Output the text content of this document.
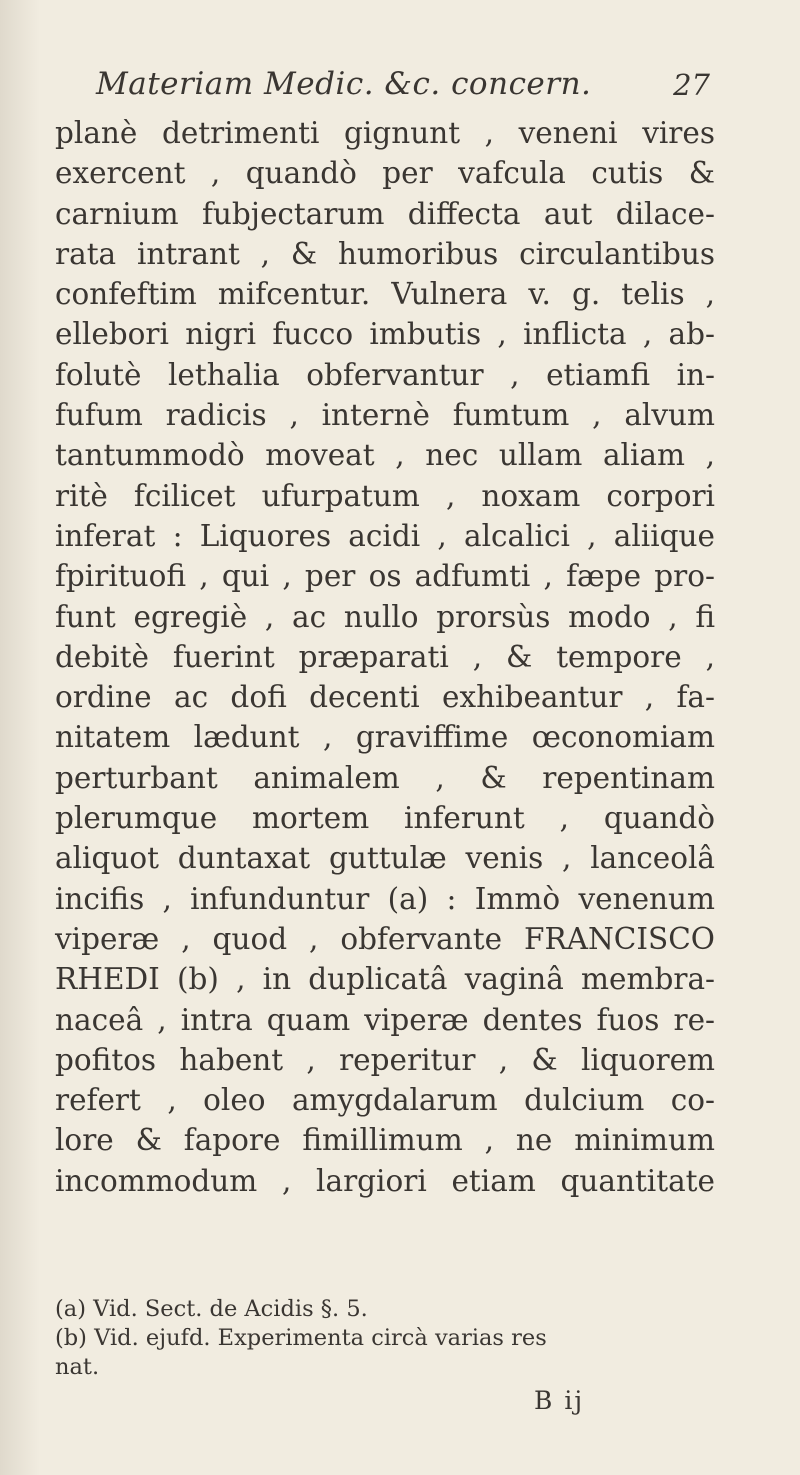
Materiam Medic. &c. concern.	27
planè detrimenti gignunt , veneni vires
exercent , quandò per vafcula cutis &
carnium fubjectarum diffecta aut dilace-
rata intrant , & humoribus circulantibus
confeftim mifcentur. Vulnera v. g. telis ,
ellebori nigri fucco imbutis , inflicta , ab-
folutè lethalia obfervantur , etiamfi in-
fufum radicis , internè fumtum , alvum
tantummodò moveat , nec ullam aliam ,
ritè fcilicet ufurpatum , noxam corpori
inferat : Liquores acidi , alcalici , aliique
fpirituofi , qui , per os adfumti , fæpe pro-
funt egregiè , ac nullo prorsùs modo , fi
debitè fuerint præparati , & tempore ,
ordine ac dofi decenti exhibeantur , fa-
nitatem lædunt , graviffime œconomiam
perturbant animalem , & repentinam
plerumque mortem inferunt , quandò
aliquot duntaxat guttulæ venis , lanceolâ
incifis , infunduntur (a) : Immò venenum
viperæ , quod , obfervante FRANCISCO
RHEDI (b) , in duplicatâ vaginâ membra-
naceâ , intra quam viperæ dentes fuos re-
pofitos habent , reperitur , & liquorem
refert , oleo amygdalarum dulcium co-
lore & fapore fimillimum , ne minimum
incommodum , largiori etiam quantitate
(a) Vid. Sect. de Acidis §. 5.
(b) Vid. ejufd. Experimenta circà varias res
nat.
B ij
